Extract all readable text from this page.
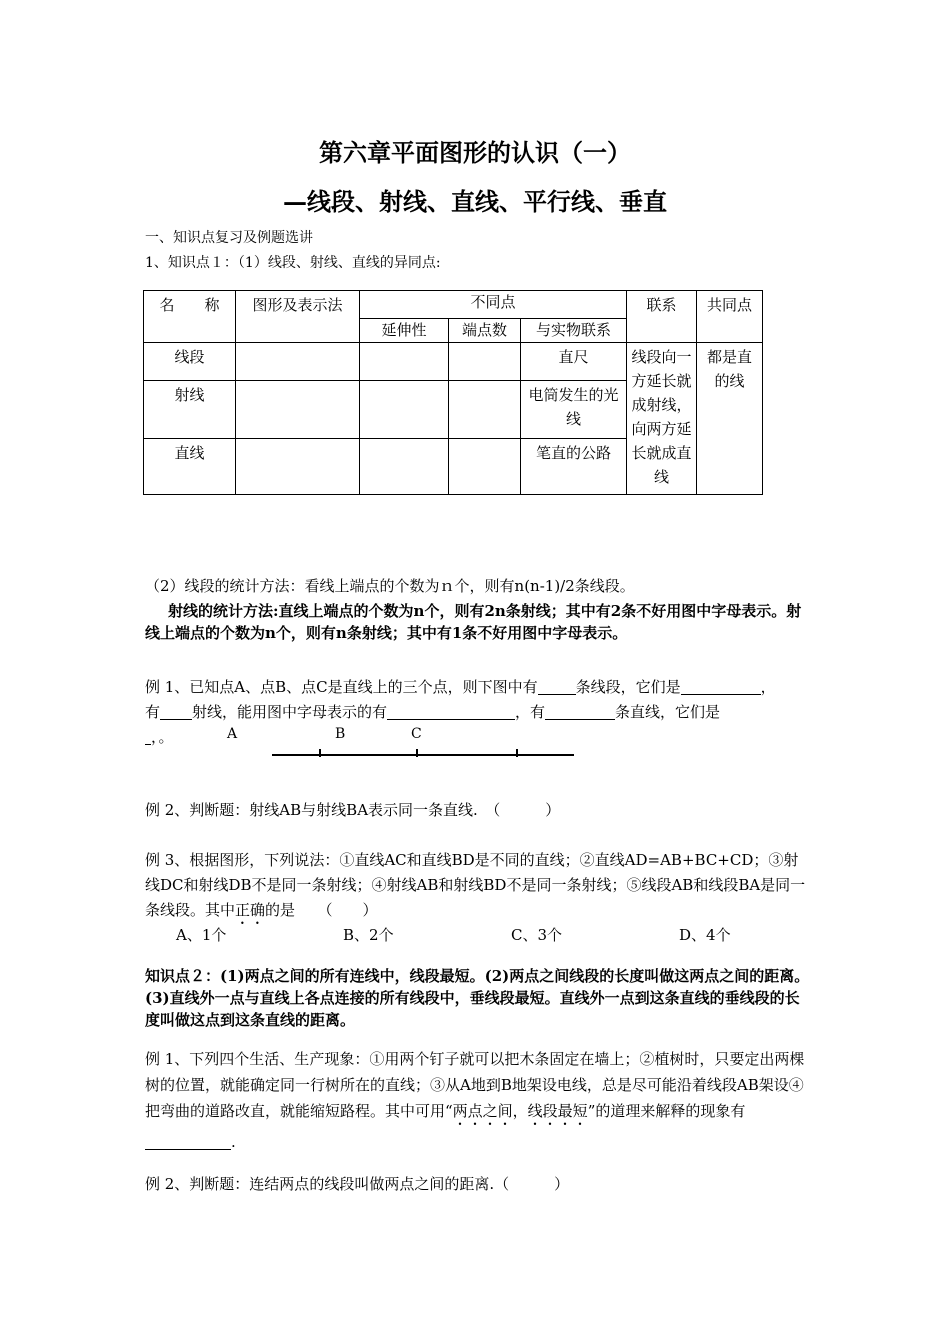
第六章平面图形的认识（一）
—线段、射线、直线、平行线、垂直
一、知识点复习及例题选讲
1、知识点１：（1）线段、射线、直线的异同点:
名　　称	图形及表示法	不同点			联系	共同点
		延伸性	端点数	与实物联系		
线段				直尺	线段向一方延长就成射线，向两方延长就成直线	都是直的线
射线				电筒发生的光线		
直线				笔直的公路		
（2）线段的统计方法：看线上端点的个数为ｎ个，则有n(n-1)/2条线段。
射线的统计方法:直线上端点的个数为n个，则有2n条射线；其中有2条不好用图中字母表示。射线上端点的个数为n个，则有n条射线；其中有1条不好用图中字母表示。
例 1、已知点A、点B、点C是直线上的三个点，则下图中有	条线段，它们是	，
有 射线，能用图中字母表示的有	，有	条直线，它们是
，。	A	B	C
例 2、判断题：射线AB与射线BA表示同一条直线.　（　　　）
例 3、根据图形，下列说法：①直线AC和直线BD是不同的直线；②直线AD=AB+BC+CD；③射线DC和射线DB不是同一条射线；④射线AB和射线BD不是同一条射线；⑤线段AB和线段BA是同一条线段。其中正确的是　　（　　）
A、1个	B、2个	C、3个	D、4个
知识点２：(1)两点之间的所有连线中，线段最短。(2)两点之间线段的长度叫做这两点之间的距离。(3)直线外一点与直线上各点连接的所有线段中，垂线段最短。直线外一点到这条直线的垂线段的长度叫做这点到这条直线的距离。
例 1、下列四个生活、生产现象：①用两个钉子就可以把木条固定在墙上；②植树时，只要定出两棵树的位置，就能确定同一行树所在的直线；③从A地到B地架设电线，总是尽可能沿着线段AB架设④把弯曲的道路改直，就能缩短路程。其中可用“两点之间，线段最短”的道理来解释的现象有.
例 2、判断题：连结两点的线段叫做两点之间的距离.（　　　）
